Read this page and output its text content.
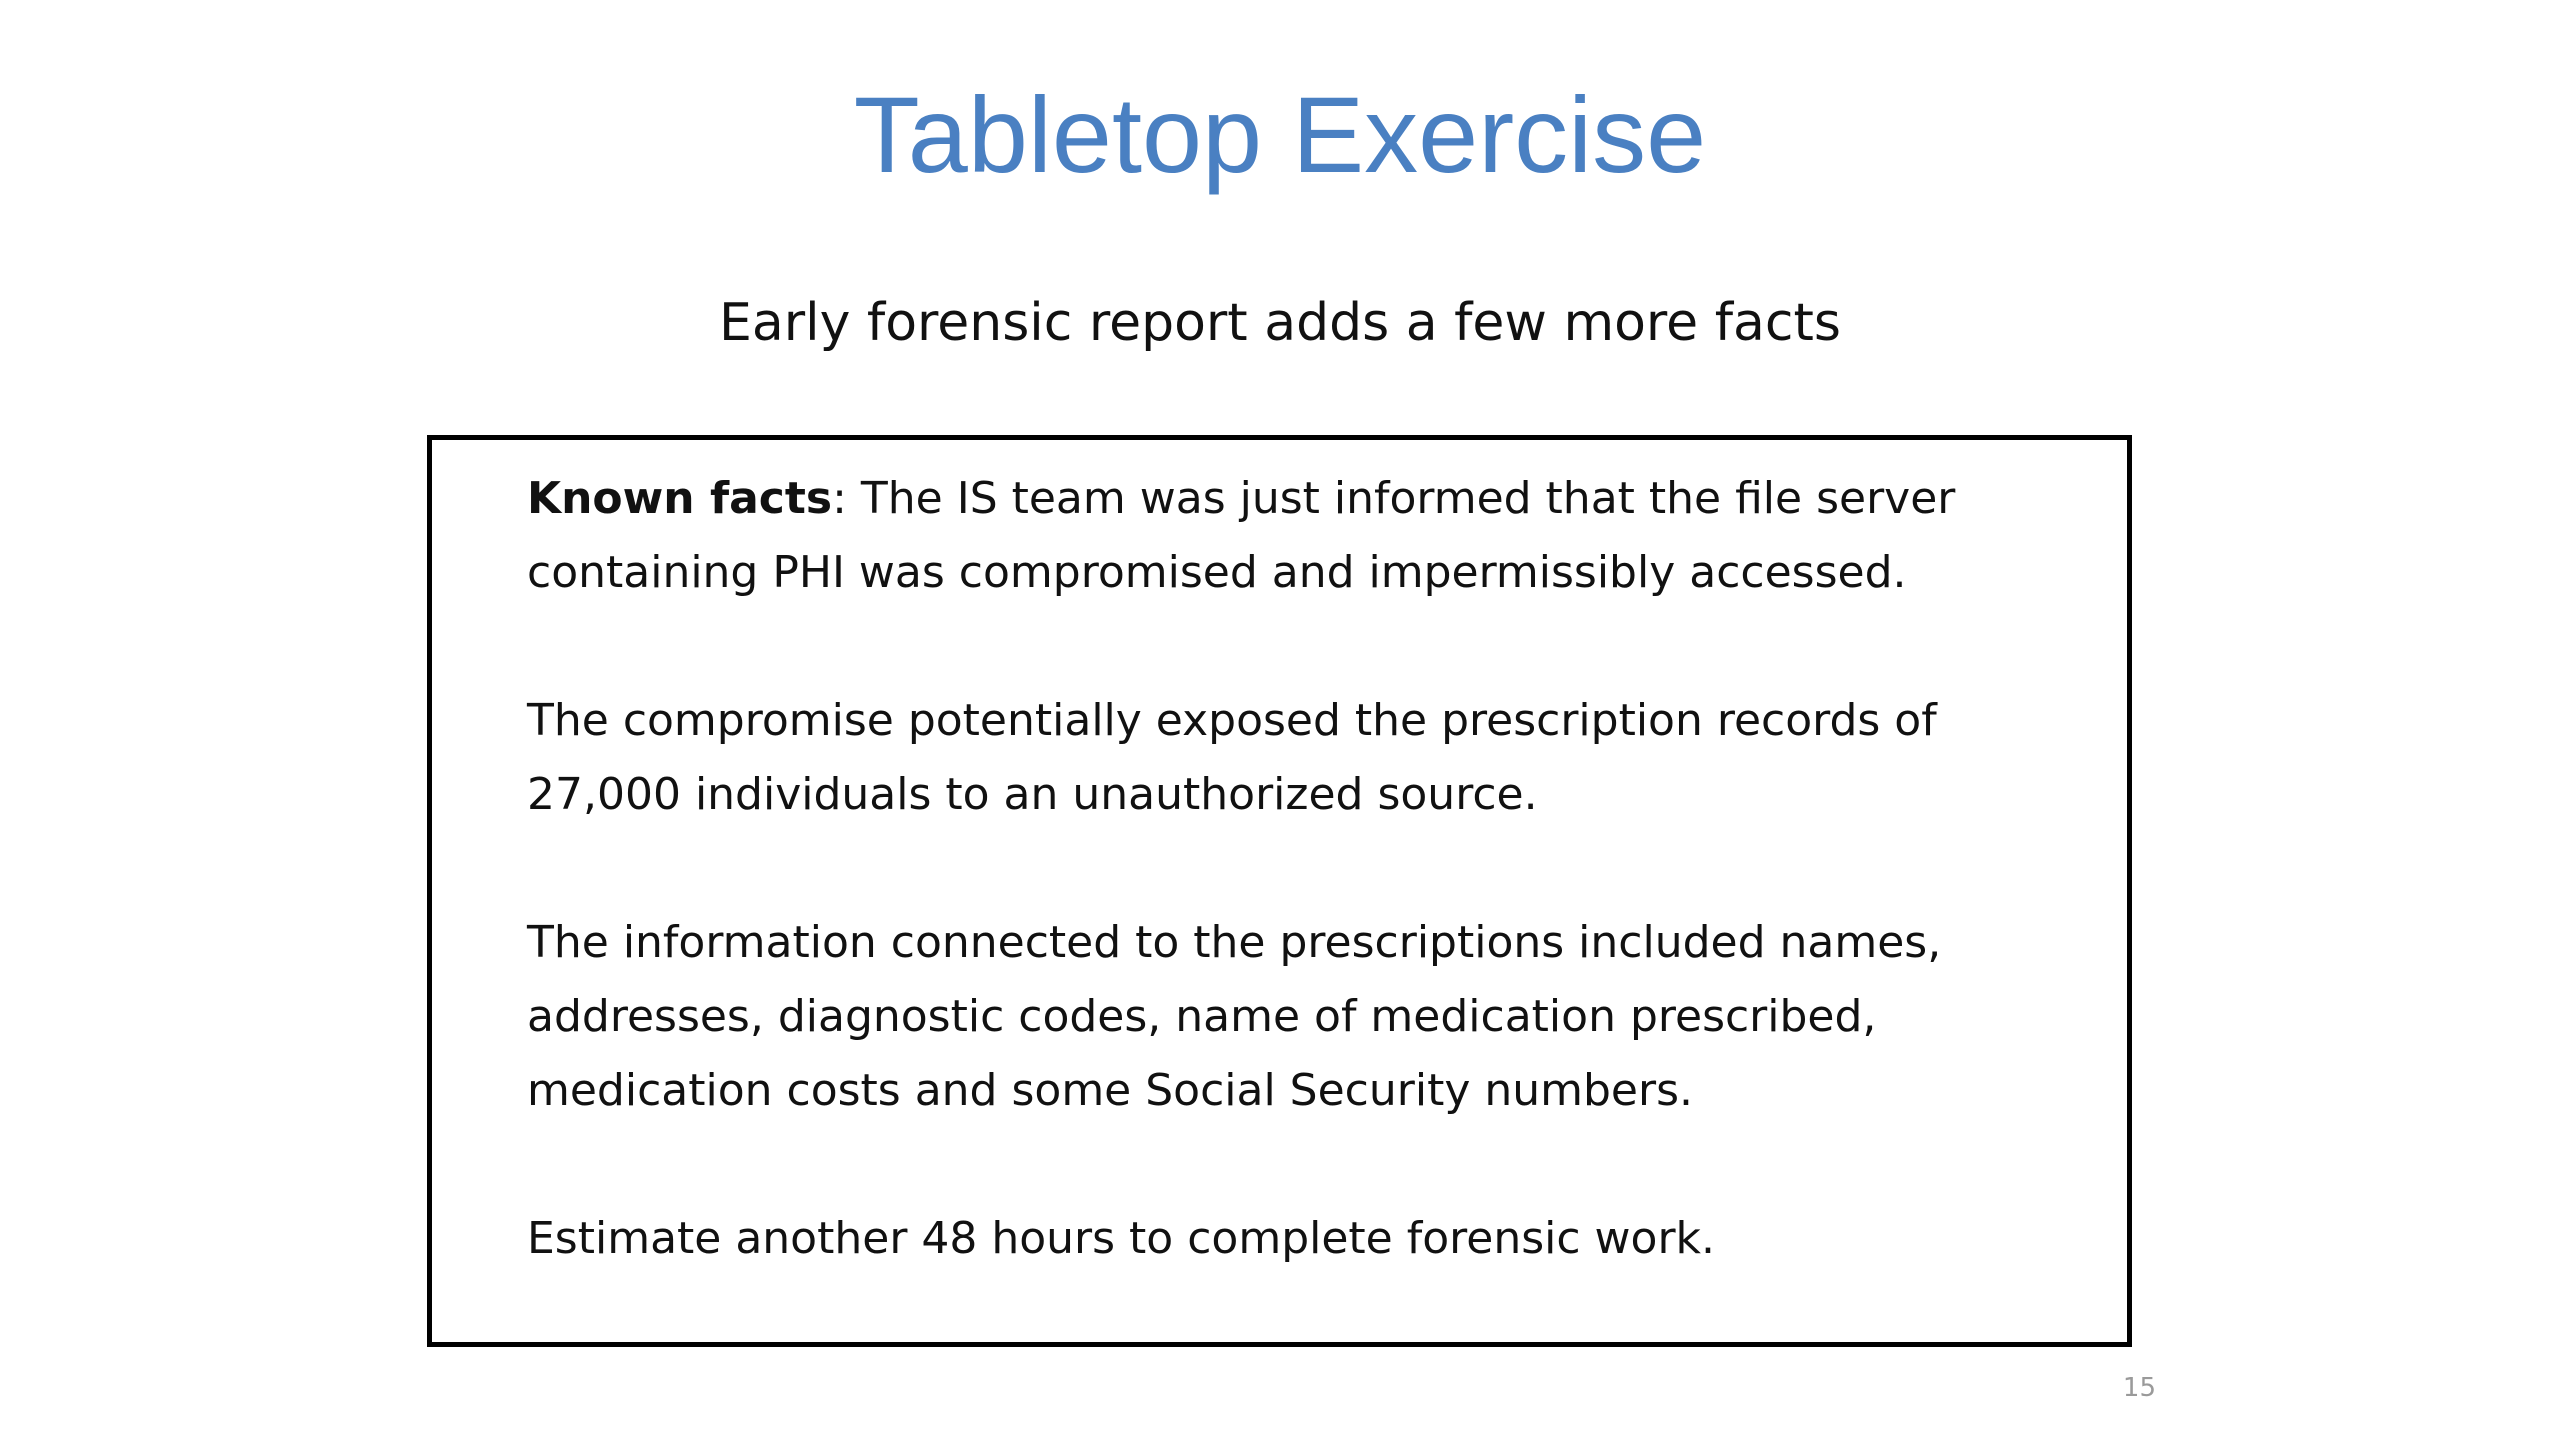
Tabletop Exercise
Early forensic report adds a few more facts

Known facts: The IS team was just informed that the file server containing PHI was compromised and impermissibly accessed.

The compromise potentially exposed the prescription records of 27,000 individuals to an unauthorized source.

The information connected to the prescriptions included names, addresses, diagnostic codes, name of medication prescribed, medication costs and some Social Security numbers.

Estimate another 48 hours to complete forensic work.

15
